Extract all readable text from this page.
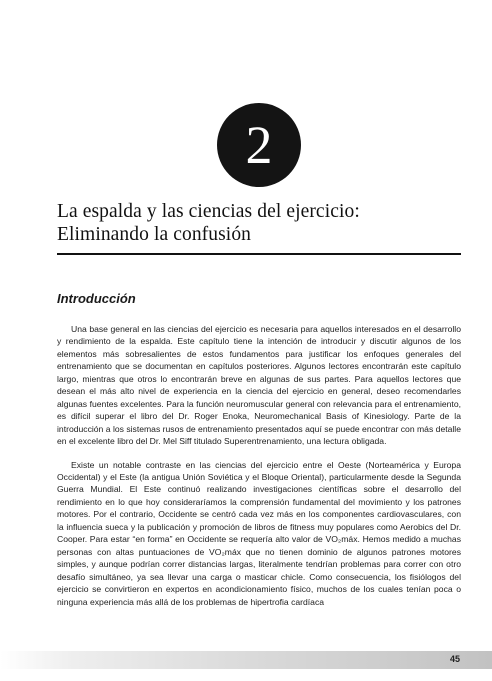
2
La espalda y las ciencias del ejercicio:
Eliminando la confusión
Introducción

Una base general en las ciencias del ejercicio es necesaria para aquellos interesados en el desarrollo y rendimiento de la espalda. Este capítulo tiene la intención de introducir y discutir algunos de los elementos más sobresalientes de estos fundamentos para justificar los enfoques generales del entrenamiento que se documentan en capítulos posteriores. Algunos lectores encontrarán este capítulo largo, mientras que otros lo encontrarán breve en algunas de sus partes. Para aquellos lectores que desean el más alto nivel de experiencia en la ciencia del ejercicio en general, deseo recomendarles algunas fuentes excelentes. Para la función neuromuscular general con relevancia para el entrenamiento, es difícil superar el libro del Dr. Roger Enoka, Neuromechanical Basis of Kinesiology. Parte de la introducción a los sistemas rusos de entrenamiento presentados aquí se puede encontrar con más detalle en el excelente libro del Dr. Mel Siff titulado Superentrenamiento, una lectura obligada.

Existe un notable contraste en las ciencias del ejercicio entre el Oeste (Norteamérica y Europa Occidental) y el Este (la antigua Unión Soviética y el Bloque Oriental), particularmente desde la Segunda Guerra Mundial. El Este continuó realizando investigaciones científicas sobre el desarrollo del rendimiento en lo que hoy consideraríamos la comprensión fundamental del movimiento y los patrones motores. Por el contrario, Occidente se centró cada vez más en los componentes cardiovasculares, con la influencia sueca y la publicación y promoción de libros de fitness muy populares como Aerobics del Dr. Cooper. Para estar “en forma” en Occidente se requería alto valor de VO₂máx. Hemos medido a muchas personas con altas puntuaciones de VO₂máx que no tienen dominio de algunos patrones motores simples, y aunque podrían correr distancias largas, literalmente tendrían problemas para correr con otro desafío simultáneo, ya sea llevar una carga o masticar chicle. Como consecuencia, los fisiólogos del ejercicio se convirtieron en expertos en acondicionamiento físico, muchos de los cuales tenían poca o ninguna experiencia más allá de los problemas de hipertrofia cardíaca

45
